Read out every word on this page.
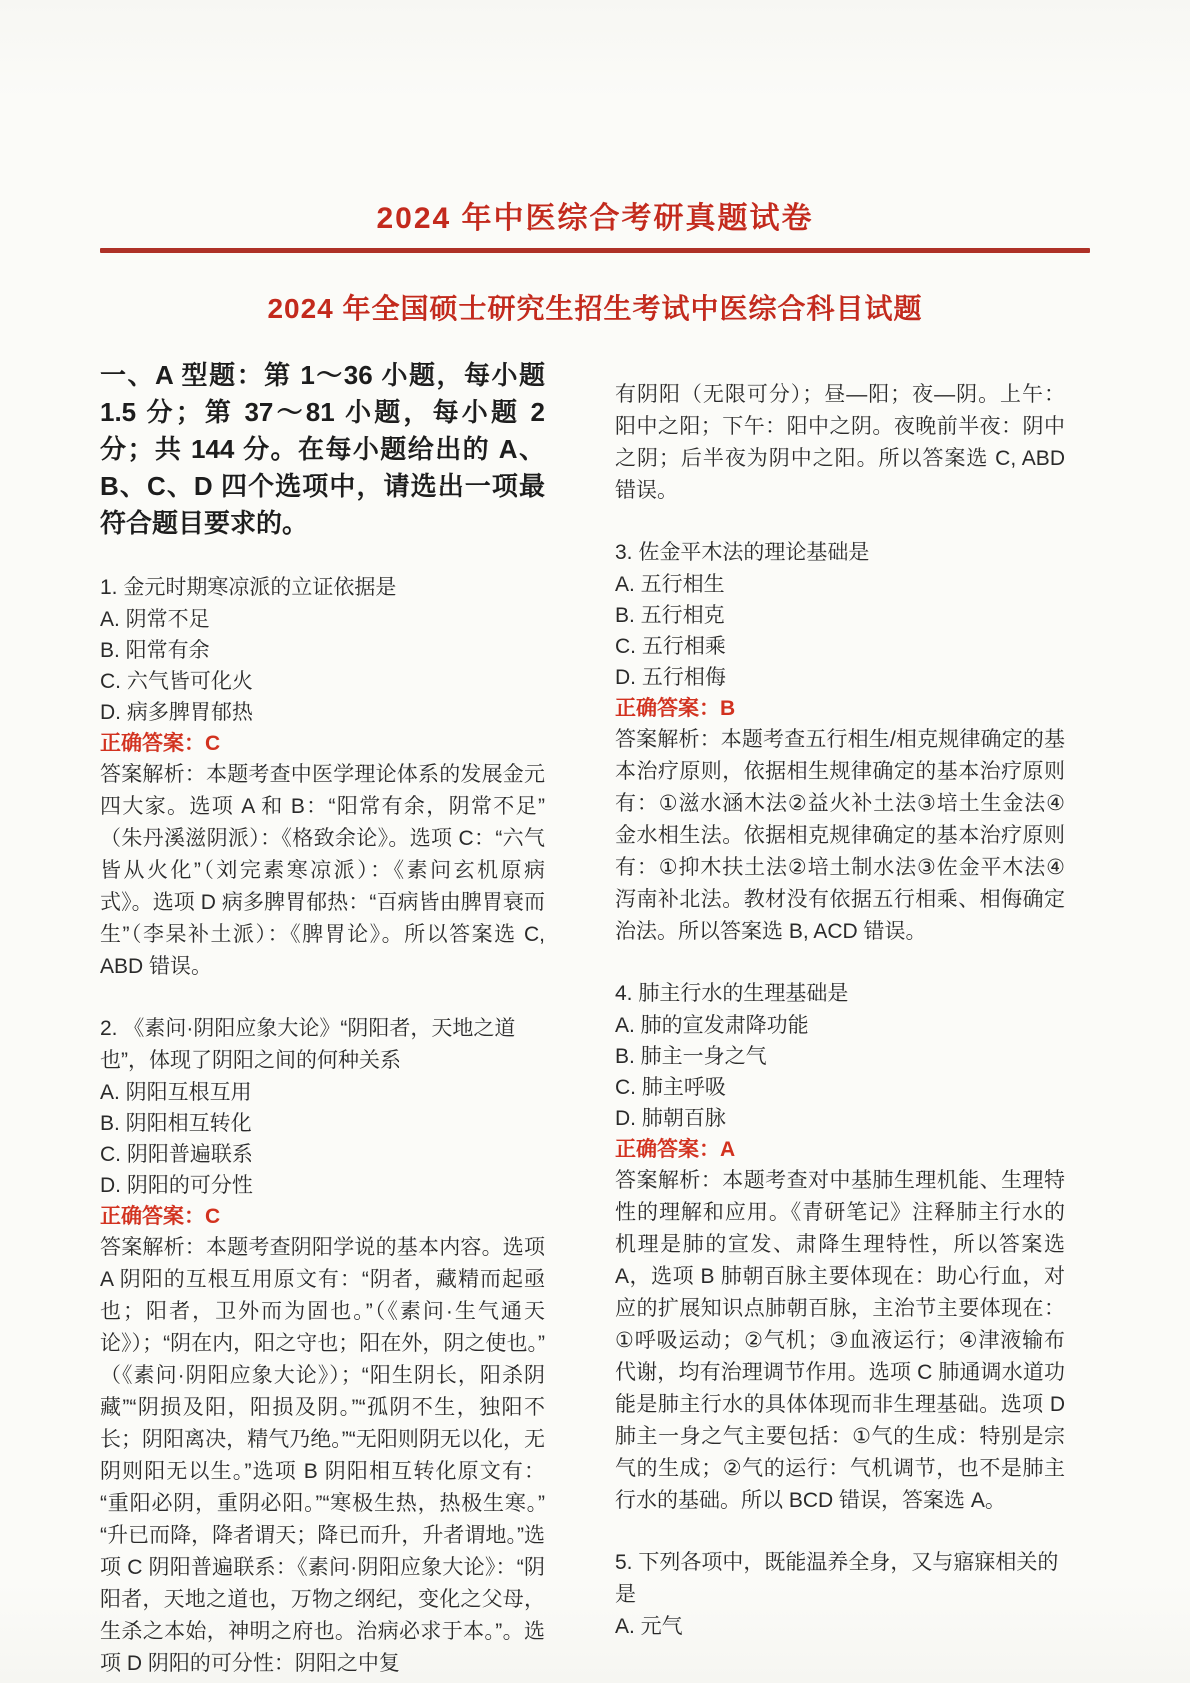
2024 年中医综合考研真题试卷
2024 年全国硕士研究生招生考试中医综合科目试题
一、A 型题：第 1～36 小题，每小题 1.5 分；第 37～81 小题，每小题 2 分；共 144 分。在每小题给出的 A、B、C、D 四个选项中，请选出一项最符合题目要求的。
1. 金元时期寒凉派的立证依据是
A. 阴常不足
B. 阳常有余
C. 六气皆可化火
D. 病多脾胃郁热
正确答案：C
答案解析：本题考查中医学理论体系的发展金元四大家。选项 A 和 B：“阳常有余，阴常不足”（朱丹溪滋阴派）：《格致余论》。选项 C：“六气皆从火化”（刘完素寒凉派）：《素问玄机原病式》。选项 D 病多脾胃郁热：“百病皆由脾胃衰而生”（李杲补土派）：《脾胃论》。所以答案选 C, ABD 错误。
2. 《素问·阴阳应象大论》“阴阳者，天地之道也”，体现了阴阳之间的何种关系
A. 阴阳互根互用
B. 阴阳相互转化
C. 阴阳普遍联系
D. 阴阳的可分性
正确答案：C
答案解析：本题考查阴阳学说的基本内容。选项 A 阴阳的互根互用原文有：“阴者，藏精而起亟也；阳者，卫外而为固也。”（《素问·生气通天论》）；“阴在内，阳之守也；阳在外，阴之使也。”（《素问·阴阳应象大论》）；“阳生阴长，阳杀阴藏”“阴损及阳，阳损及阴。”“孤阴不生，独阳不长；阴阳离决，精气乃绝。”“无阳则阴无以化，无阴则阳无以生。”选项 B 阴阳相互转化原文有：“重阳必阴，重阴必阳。”“寒极生热，热极生寒。”“升已而降，降者谓天；降已而升，升者谓地。”选项 C 阴阳普遍联系：《素问·阴阳应象大论》：“阴阳者，天地之道也，万物之纲纪，变化之父母，生杀之本始，神明之府也。治病必求于本。”。选项 D 阴阳的可分性：阴阳之中复
有阴阳（无限可分）；昼—阳；夜—阴。上午：阳中之阳；下午：阳中之阴。夜晚前半夜：阴中之阴；后半夜为阴中之阳。所以答案选 C, ABD 错误。
3. 佐金平木法的理论基础是
A. 五行相生
B. 五行相克
C. 五行相乘
D. 五行相侮
正确答案：B
答案解析：本题考查五行相生/相克规律确定的基本治疗原则，依据相生规律确定的基本治疗原则有：①滋水涵木法②益火补土法③培土生金法④金水相生法。依据相克规律确定的基本治疗原则有：①抑木扶土法②培土制水法③佐金平木法④泻南补北法。教材没有依据五行相乘、相侮确定治法。所以答案选 B, ACD 错误。
4. 肺主行水的生理基础是
A. 肺的宣发肃降功能
B. 肺主一身之气
C. 肺主呼吸
D. 肺朝百脉
正确答案：A
答案解析：本题考查对中基肺生理机能、生理特性的理解和应用。《青研笔记》注释肺主行水的机理是肺的宣发、肃降生理特性，所以答案选 A，选项 B 肺朝百脉主要体现在：助心行血，对应的扩展知识点肺朝百脉，主治节主要体现在：①呼吸运动；②气机；③血液运行；④津液输布代谢，均有治理调节作用。选项 C 肺通调水道功能是肺主行水的具体体现而非生理基础。选项 D 肺主一身之气主要包括：①气的生成：特别是宗气的生成；②气的运行：气机调节，也不是肺主行水的基础。所以 BCD 错误，答案选 A。
5. 下列各项中，既能温养全身，又与寤寐相关的是
A. 元气
